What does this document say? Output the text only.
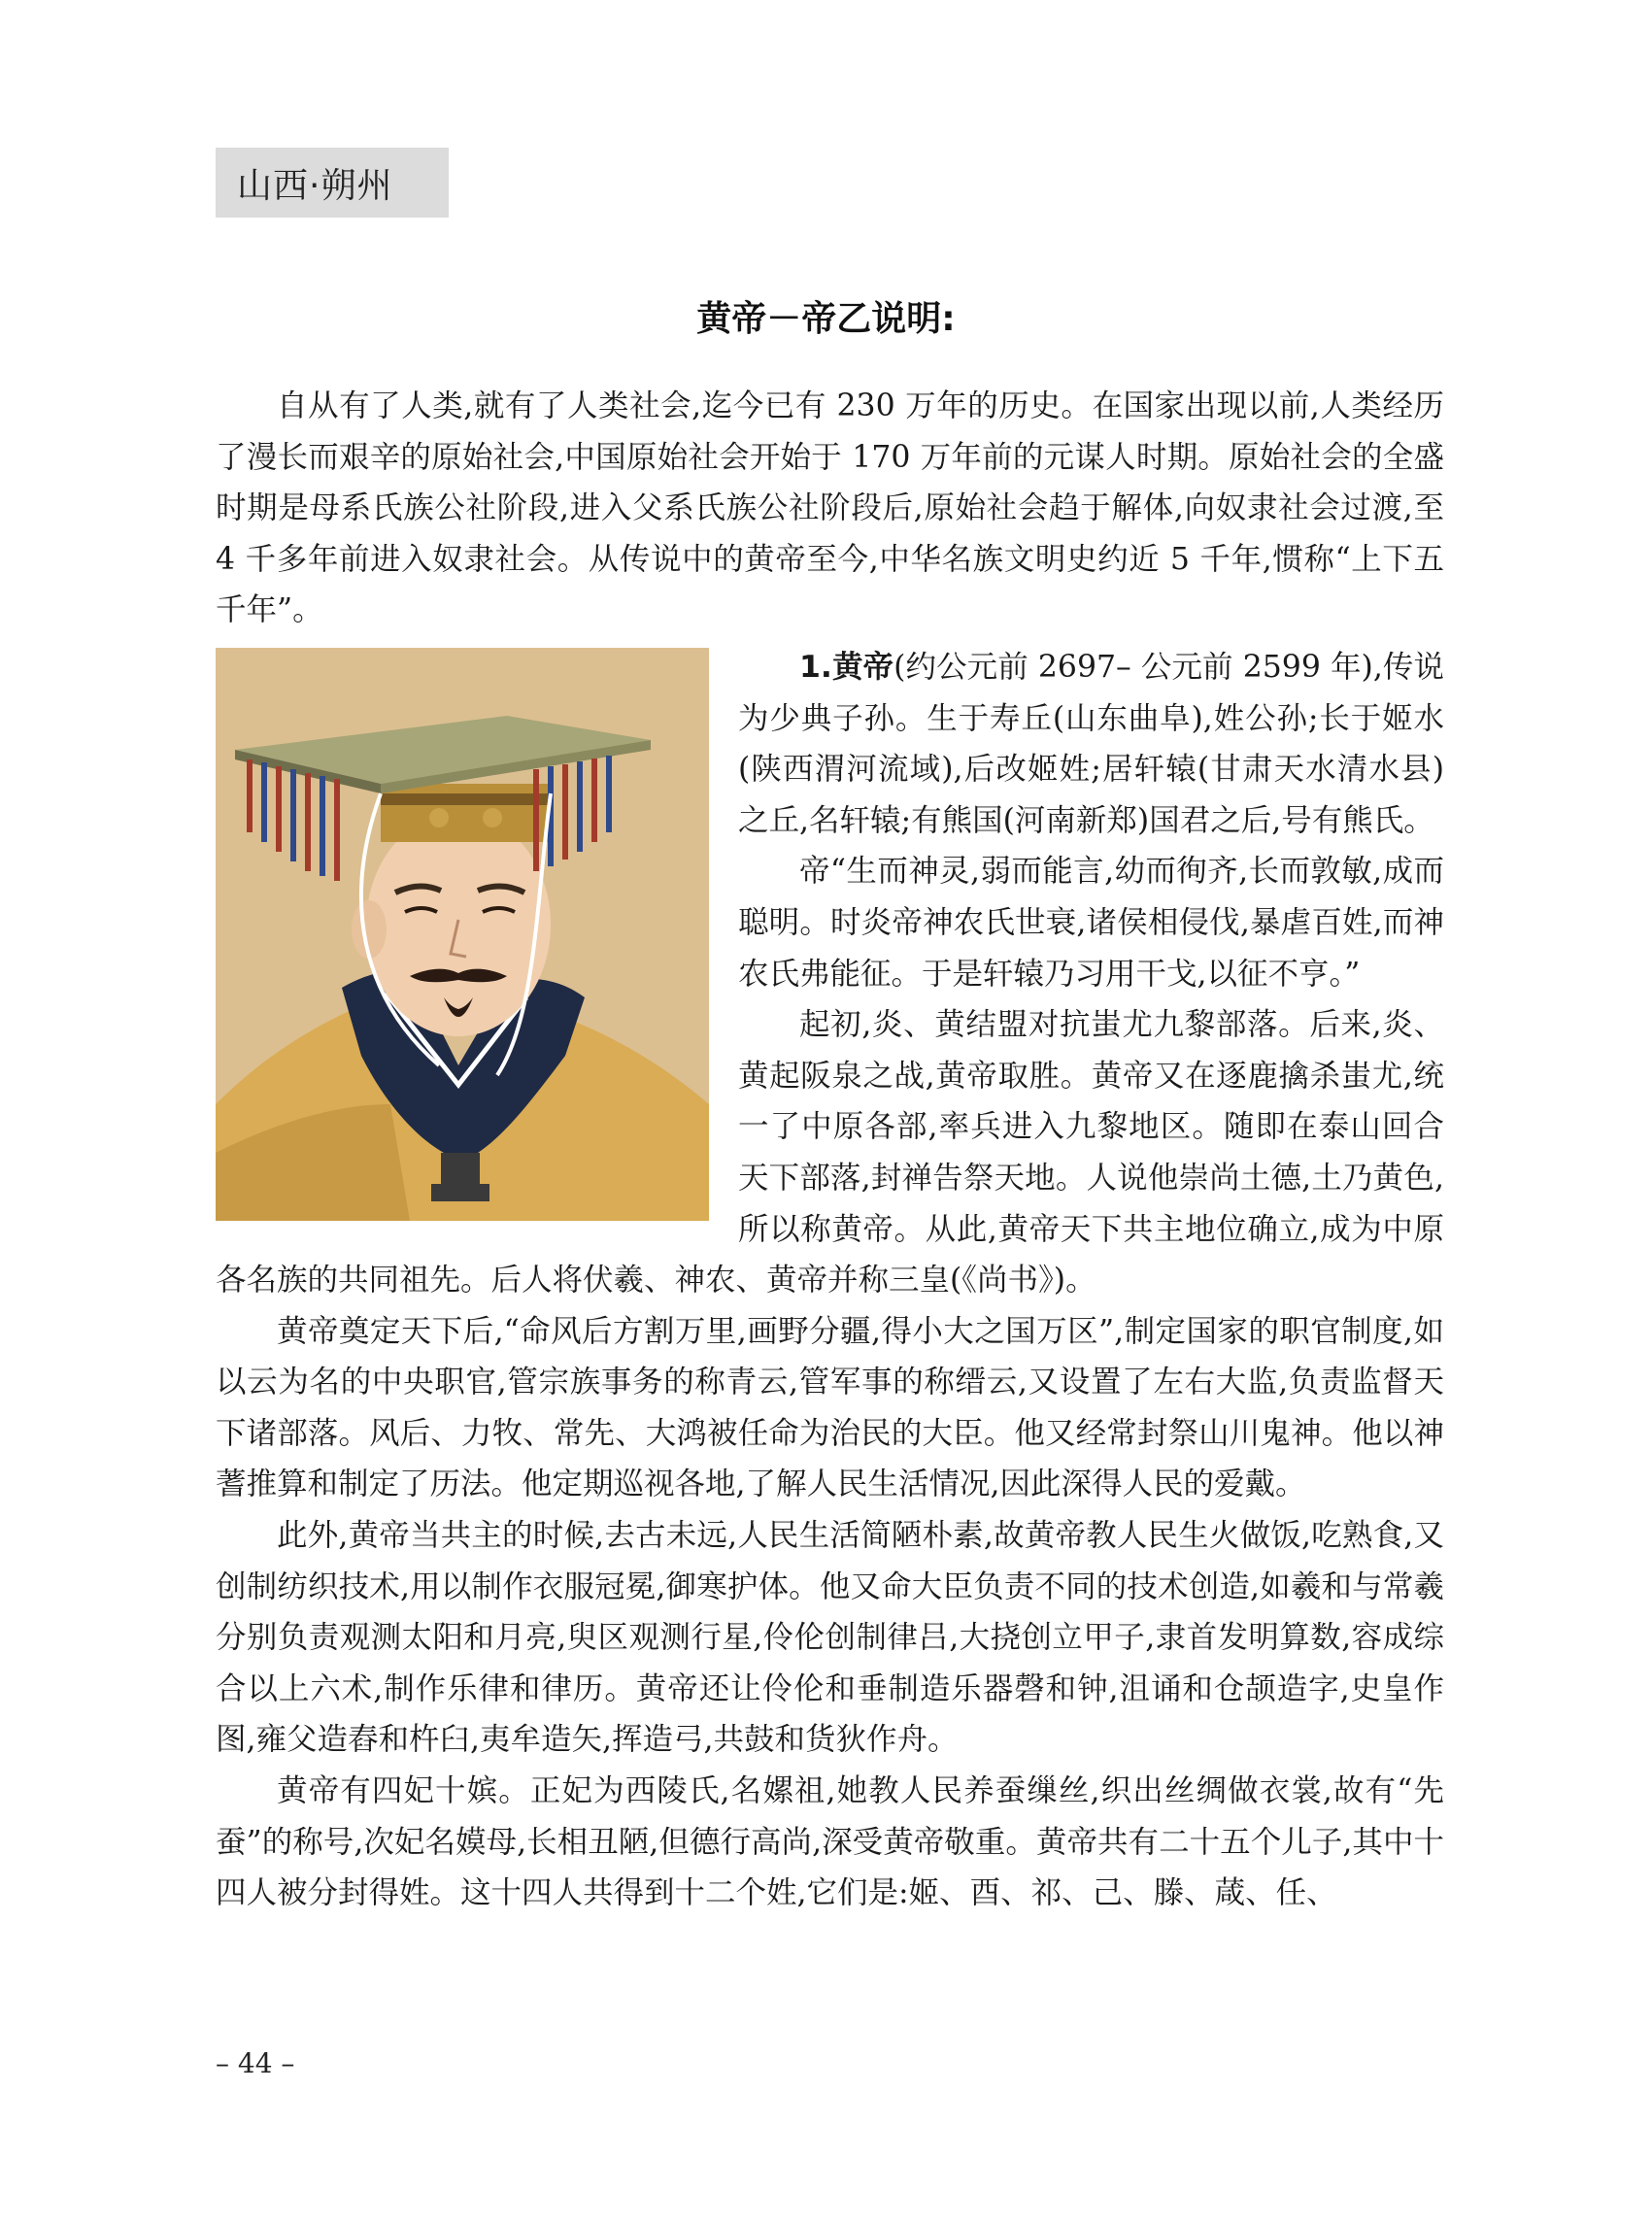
山西·朔州
黄帝－帝乙说明:

自从有了人类,就有了人类社会,迄今已有 230 万年的历史。在国家出现以前,人类经历了漫长而艰辛的原始社会,中国原始社会开始于 170 万年前的元谋人时期。原始社会的全盛时期是母系氏族公社阶段,进入父系氏族公社阶段后,原始社会趋于解体,向奴隶社会过渡,至 4 千多年前进入奴隶社会。从传说中的黄帝至今,中华名族文明史约近 5 千年,惯称“上下五千年”。

1.黄帝(约公元前 2697– 公元前 2599 年),传说为少典子孙。生于寿丘(山东曲阜),姓公孙;长于姬水(陕西渭河流域),后改姬姓;居轩辕(甘肃天水清水县)之丘,名轩辕;有熊国(河南新郑)国君之后,号有熊氏。

帝“生而神灵,弱而能言,幼而徇齐,长而敦敏,成而聪明。时炎帝神农氏世衰,诸侯相侵伐,暴虐百姓,而神农氏弗能征。于是轩辕乃习用干戈,以征不亨。”

起初,炎、黄结盟对抗蚩尤九黎部落。后来,炎、黄起阪泉之战,黄帝取胜。黄帝又在逐鹿擒杀蚩尤,统一了中原各部,率兵进入九黎地区。随即在泰山回合天下部落,封禅告祭天地。人说他崇尚土德,土乃黄色,所以称黄帝。从此,黄帝天下共主地位确立,成为中原各名族的共同祖先。后人将伏羲、神农、黄帝并称三皇(《尚书》)。

黄帝奠定天下后,“命风后方割万里,画野分疆,得小大之国万区”,制定国家的职官制度,如以云为名的中央职官,管宗族事务的称青云,管军事的称缙云,又设置了左右大监,负责监督天下诸部落。风后、力牧、常先、大鸿被任命为治民的大臣。他又经常封祭山川鬼神。他以神蓍推算和制定了历法。他定期巡视各地,了解人民生活情况,因此深得人民的爱戴。

此外,黄帝当共主的时候,去古未远,人民生活简陋朴素,故黄帝教人民生火做饭,吃熟食,又创制纺织技术,用以制作衣服冠冕,御寒护体。他又命大臣负责不同的技术创造,如羲和与常羲分别负责观测太阳和月亮,臾区观测行星,伶伦创制律吕,大挠创立甲子,隶首发明算数,容成综合以上六术,制作乐律和律历。黄帝还让伶伦和垂制造乐器磬和钟,沮诵和仓颉造字,史皇作图,雍父造舂和杵臼,夷牟造矢,挥造弓,共鼓和货狄作舟。

黄帝有四妃十嫔。正妃为西陵氏,名嫘祖,她教人民养蚕缫丝,织出丝绸做衣裳,故有“先蚕”的称号,次妃名嫫母,长相丑陋,但德行高尚,深受黄帝敬重。黄帝共有二十五个儿子,其中十四人被分封得姓。这十四人共得到十二个姓,它们是:姬、酉、祁、己、滕、葴、任、

– 44 –
